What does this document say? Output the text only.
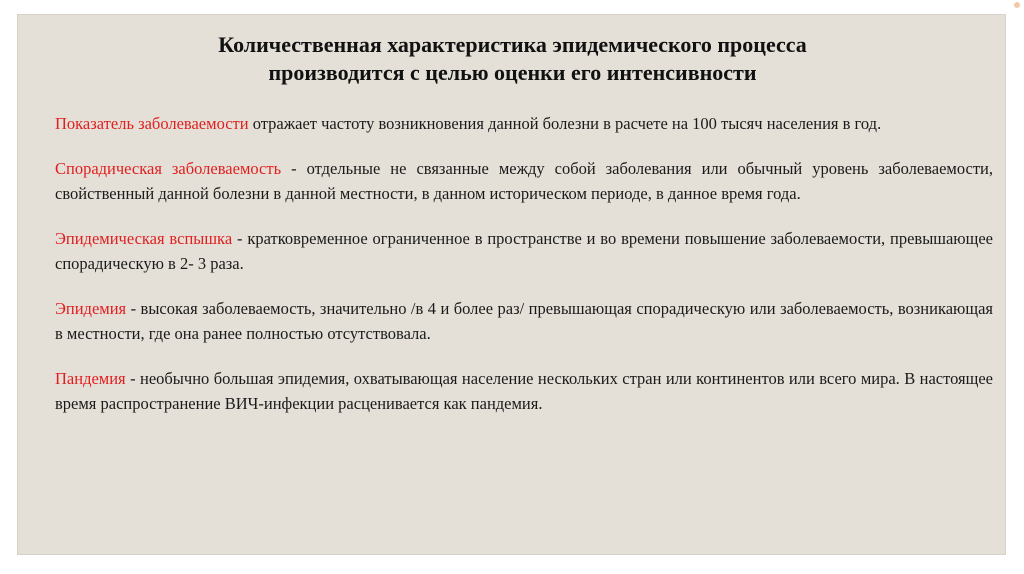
Количественная характеристика эпидемического процесса
производится с целью оценки его интенсивности

Показатель заболеваемости отражает частоту возникновения данной болезни в расчете на 100 тысяч населения в год.

Спорадическая заболеваемость - отдельные не связанные между собой заболевания или обычный уровень заболеваемости, свойственный данной болезни в данной местности, в данном историческом периоде, в данное время года.

Эпидемическая вспышка - кратковременное ограниченное в пространстве и во времени повышение заболеваемости, превышающее спорадическую в 2- 3 раза.

Эпидемия - высокая заболеваемость, значительно /в 4 и более раз/ превышающая спорадическую или заболеваемость, возникающая в местности, где она ранее полностью отсутствовала.

Пандемия - необычно большая эпидемия, охватывающая население нескольких стран или континентов или всего мира. В настоящее время распространение ВИЧ-инфекции расценивается как пандемия.
